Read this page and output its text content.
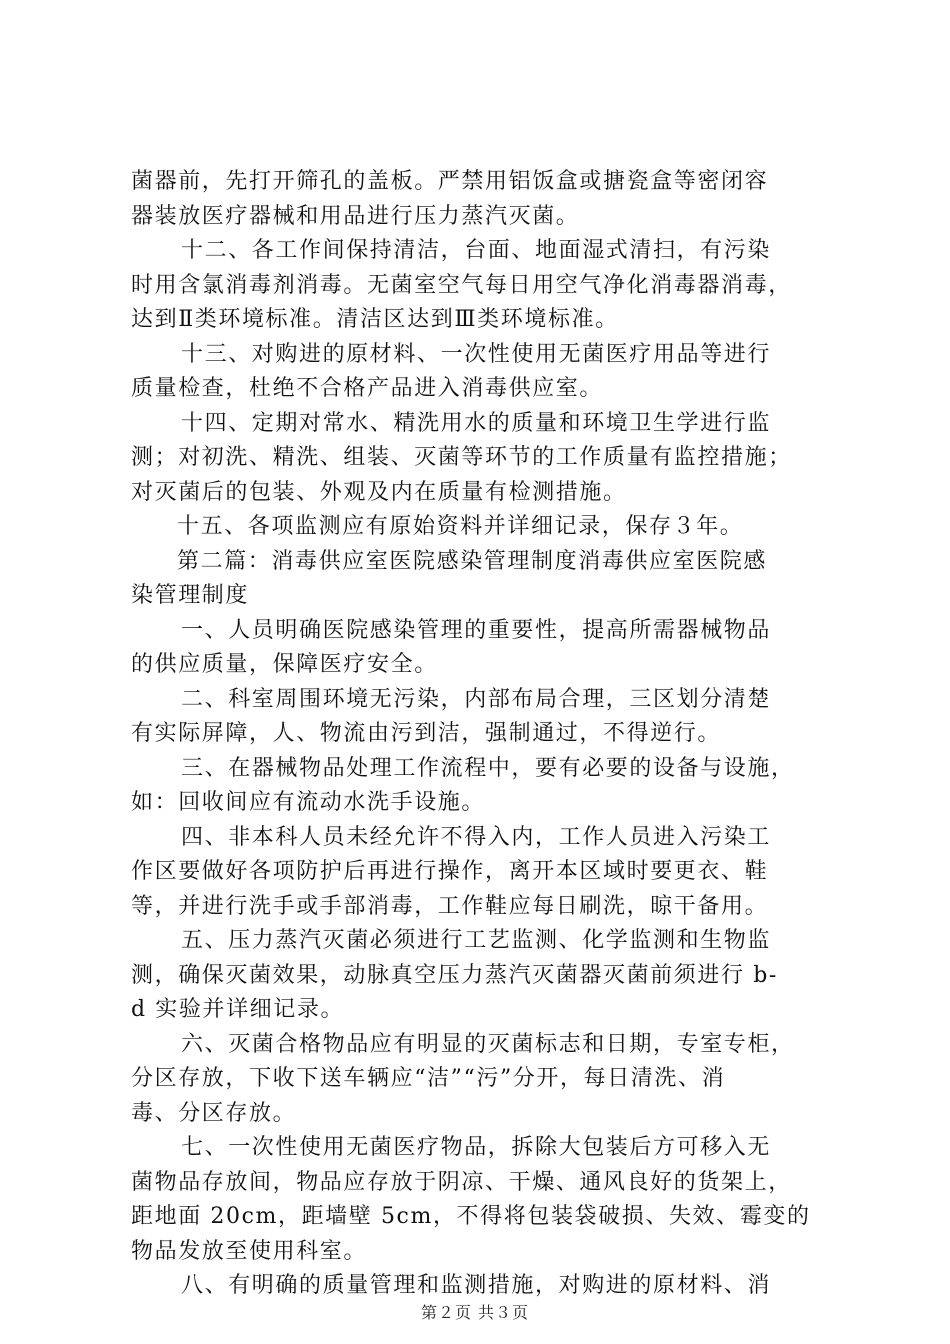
菌器前，先打开筛孔的盖板。严禁用铝饭盒或搪瓷盒等密闭容
器装放医疗器械和用品进行压力蒸汽灭菌。
十二、各工作间保持清洁，台面、地面湿式清扫，有污染
时用含氯消毒剂消毒。无菌室空气每日用空气净化消毒器消毒，
达到Ⅱ类环境标准。清洁区达到Ⅲ类环境标准。
十三、对购进的原材料、一次性使用无菌医疗用品等进行
质量检查，杜绝不合格产品进入消毒供应室。
十四、定期对常水、精洗用水的质量和环境卫生学进行监
测；对初洗、精洗、组装、灭菌等环节的工作质量有监控措施；
对灭菌后的包装、外观及内在质量有检测措施。
十五、各项监测应有原始资料并详细记录，保存３年。
第二篇：消毒供应室医院感染管理制度消毒供应室医院感
染管理制度
一、人员明确医院感染管理的重要性，提高所需器械物品
的供应质量，保障医疗安全。
二、科室周围环境无污染，内部布局合理，三区划分清楚
有实际屏障，人、物流由污到洁，强制通过，不得逆行。
三、在器械物品处理工作流程中，要有必要的设备与设施，
如：回收间应有流动水洗手设施。
四、非本科人员未经允许不得入内，工作人员进入污染工
作区要做好各项防护后再进行操作，离开本区域时要更衣、鞋
等，并进行洗手或手部消毒，工作鞋应每日刷洗，晾干备用。
五、压力蒸汽灭菌必须进行工艺监测、化学监测和生物监
测，确保灭菌效果，动脉真空压力蒸汽灭菌器灭菌前须进行 b-
d 实验并详细记录。
六、灭菌合格物品应有明显的灭菌标志和日期，专室专柜，
分区存放，下收下送车辆应“洁”“污”分开，每日清洗、消
毒、分区存放。
七、一次性使用无菌医疗物品，拆除大包装后方可移入无
菌物品存放间，物品应存放于阴凉、干燥、通风良好的货架上，
距地面 20cm，距墙壁 5cm，不得将包装袋破损、失效、霉变的
物品发放至使用科室。
八、有明确的质量管理和监测措施，对购进的原材料、消
第２页 共３页
